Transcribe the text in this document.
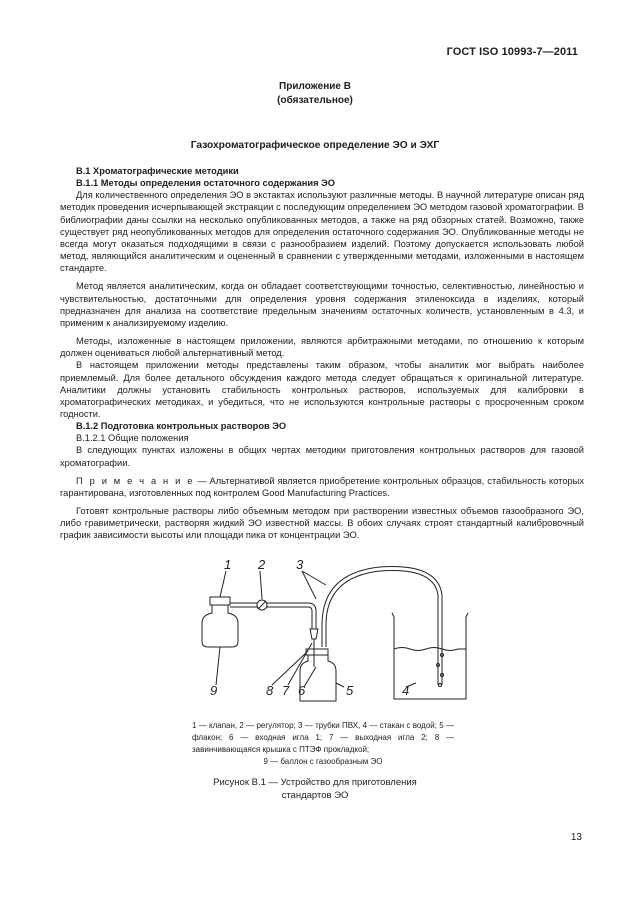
ГОСТ ISO 10993-7—2011
Приложение В
(обязательное)
Газохроматографическое определение ЭО и ЭХГ

В.1 Хроматографические методики

В.1.1 Методы определения остаточного содержания ЭО

Для количественного определения ЭО в экстактах используют различные методы. В научной литературе описан ряд методик проведения исчерпывающей экстракции с последующим определением ЭО методом газовой хроматографии. В библиографии даны ссылки на несколько опубликованных методов, а также на ряд обзорных статей. Возможно, также существует ряд неопубликованных методов для определения остаточного содержания ЭО. Опубликованные методы не всегда могут оказаться подходящими в связи с разнообразием изделий. Поэтому допускается использовать любой метод, являющийся аналитическим и оцененный в сравнении с утвержденными методами, изложенными в настоящем стандарте.

Метод является аналитическим, когда он обладает соответствующими точностью, селективностью, линейностью и чувствительностью, достаточными для определения уровня содержания этиленоксида в изделиях, который предназначен для анализа на соответствие предельным значениям остаточных количеств, установленным в 4.3, и применим к анализируемому изделию.

Методы, изложенные в настоящем приложении, являются арбитражными методами, по отношению к которым должен оцениваться любой альтернативный метод.

В настоящем приложении методы представлены таким образом, чтобы аналитик мог выбрать наиболее приемлемый. Для более детального обсуждения каждого метода следует обращаться к оригинальной литературе. Аналитики должны установить стабильность контрольных растворов, используемых для калибровки в хроматографических методиках, и убедиться, что не используются контрольные растворы с просроченным сроком годности.

В.1.2 Подготовка контрольных растворов ЭО

В.1.2.1 Общие положения

В следующих пунктах изложены в общих чертах методики приготовления контрольных растворов для газовой хроматографии.

П р и м е ч а н и е — Альтернативой является приобретение контрольных образцов, стабильность которых гарантирована, изготовленных под контролем Good Manufacturing Practices.

Готовят контрольные растворы либо объемным методом при растворении известных объемов газообразного ЭО, либо гравиметрически, растворяя жидкий ЭО известной массы. В обоих случаях строят стандартный калибровочный график зависимости высоты или площади пика от концентрации ЭО.

1 2 3
4
5
6
7
8
9
1 — клапан, 2 — регулятор; 3 — трубки ПВХ, 4 — стакан с водой; 5 — флакон; 6 — входная игла 1; 7 — выходная игла 2; 8 — завинчивающаяся крышка с ПТЭФ прокладкой;
9 — баллон с газообразным ЭО
Рисунок В.1 — Устройство для приготовления
стандартов ЭО
13
